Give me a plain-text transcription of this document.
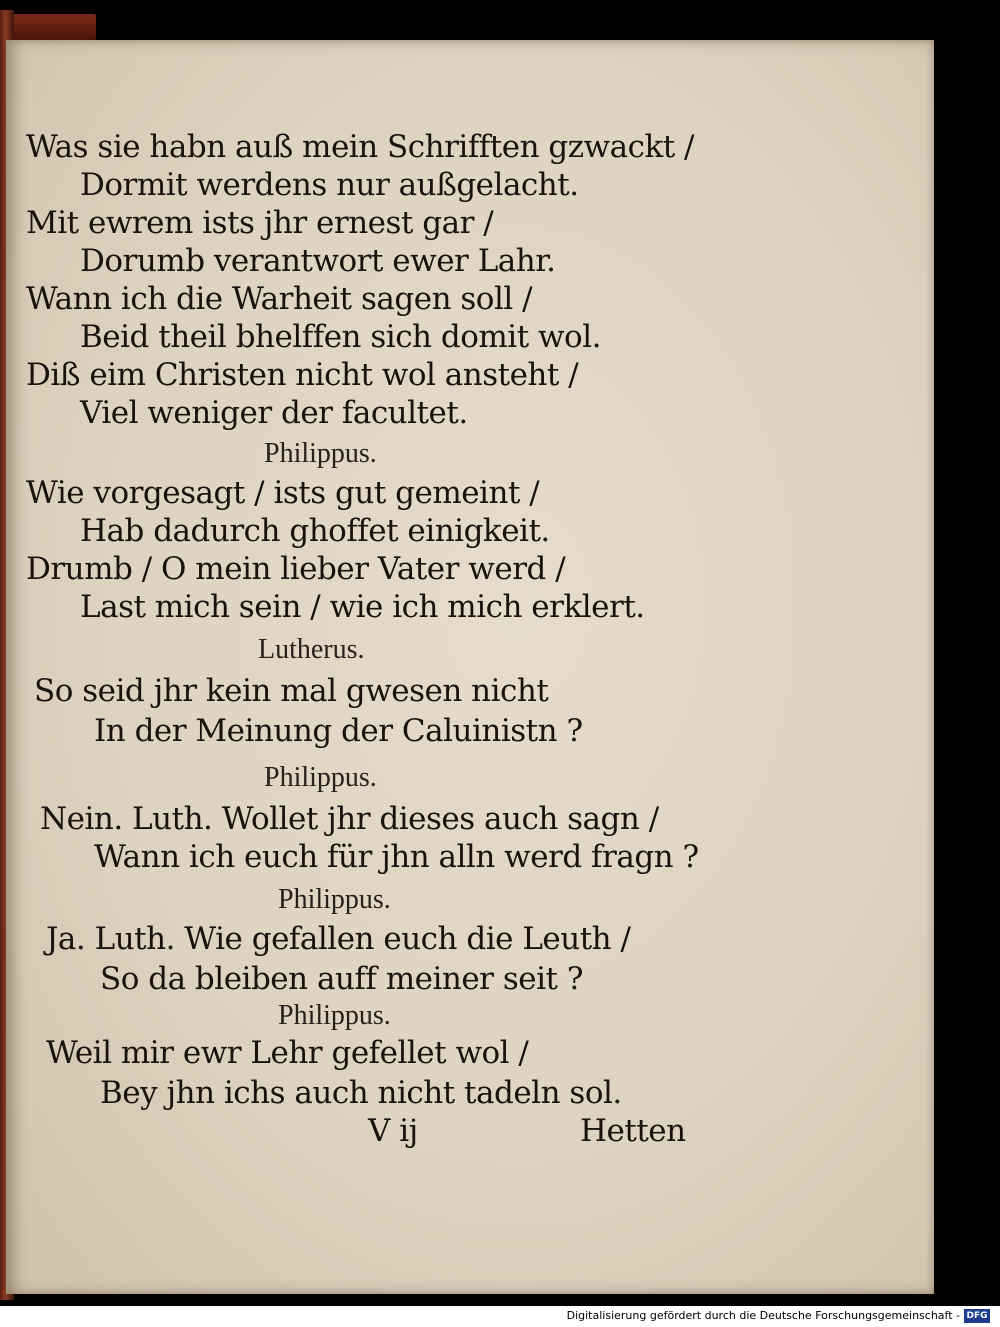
Was sie habn auß mein Schrifften gzwackt /
Dormit werdens nur außgelacht.
Mit ewrem ists jhr ernest gar /
Dorumb verantwort ewer Lahr.
Wann ich die Warheit sagen soll /
Beid theil bhelffen sich domit wol.
Diß eim Christen nicht wol ansteht /
Viel weniger der facultet.
Philippus.
Wie vorgesagt / ists gut gemeint /
Hab dadurch ghoffet einigkeit.
Drumb / O mein lieber Vater werd /
Last mich sein / wie ich mich erklert.
Lutherus.
So seid jhr kein mal gwesen nicht
In der Meinung der Caluinistn ?
Philippus.
Nein. Luth. Wollet jhr dieses auch sagn /
Wann ich euch für jhn alln werd fragn ?
Philippus.
Ja. Luth. Wie gefallen euch die Leuth /
So da bleiben auff meiner seit ?
Philippus.
Weil mir ewr Lehr gefellet wol /
Bey jhn ichs auch nicht tadeln sol.
V ij	Hetten
Digitalisierung gefördert durch die Deutsche Forschungsgemeinschaft - DFG
